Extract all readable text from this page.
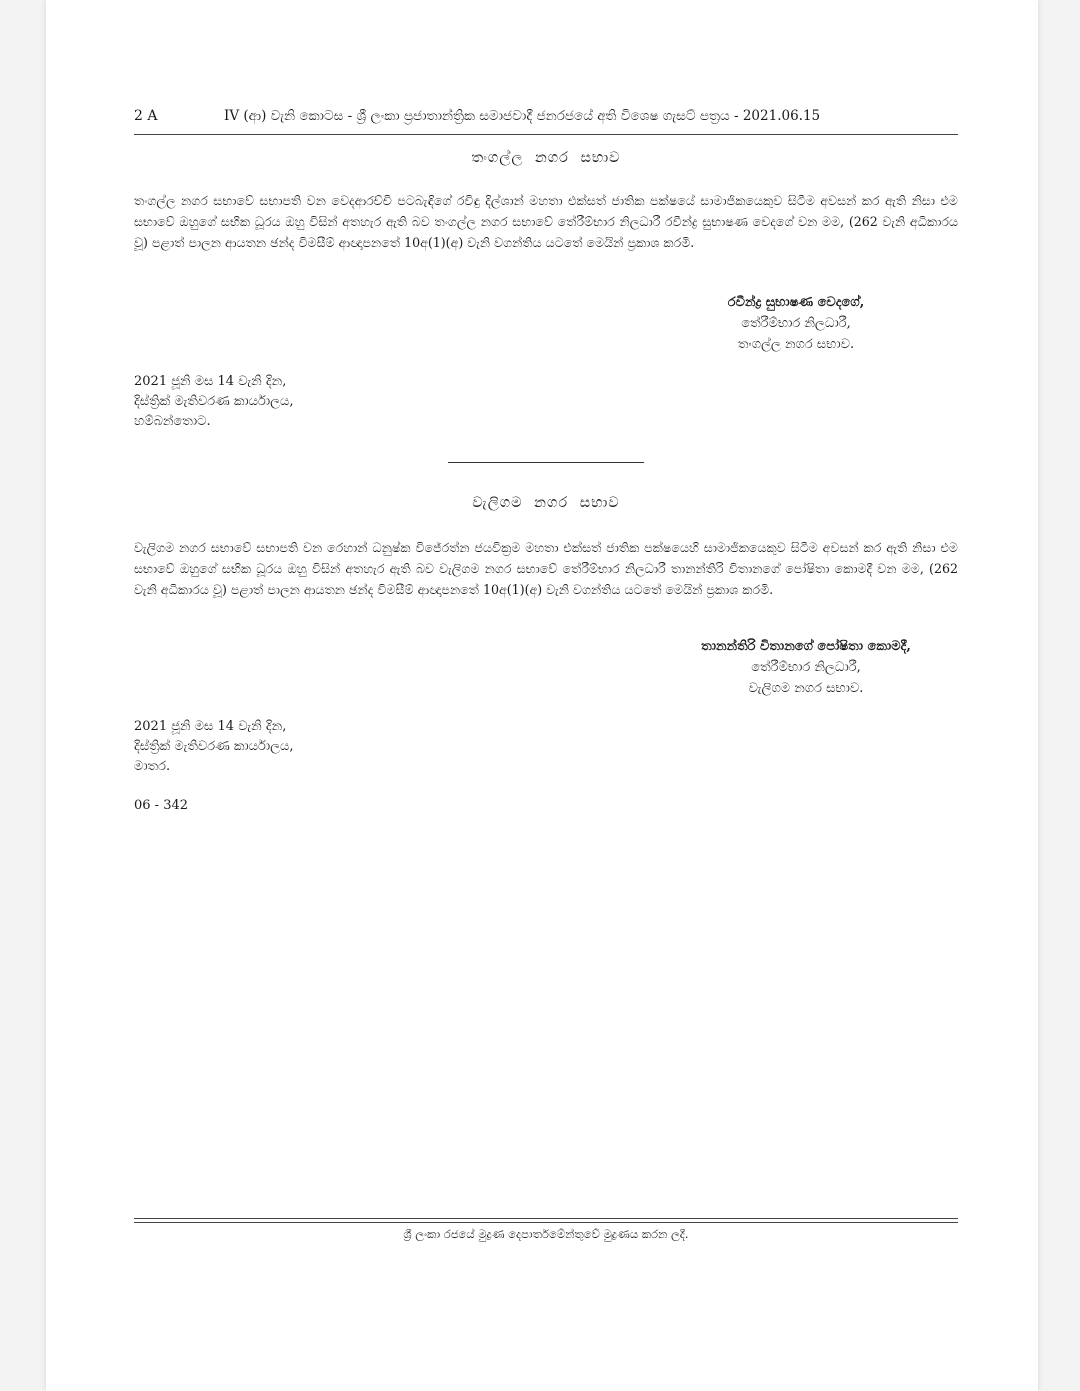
2 A	IV (ආ) වැනි කොටස - ශ්‍රී ලංකා ප්‍රජාතාන්ත්‍රික සමාජවාදී ජනරජයේ අති විශෙෂ ගැසට් පත්‍රය - 2021.06.15
තංගල්ල නගර සභාව
තංගල්ල නගර සභාවේ සභාපති වන වෙදආරච්චි පටබැඳිගේ රවිඳු දිල්ශාන් මහතා එක්සත් ජාතික පක්ෂයේ සාමාජිකයෙකුව සිටීම අවසන් කර ඇති නිසා එම සභාවේ ඔහුගේ සභික ධූරය ඔහු විසින් අතහැර ඇති බව තංගල්ල නගර සභාවේ තේරීම්භාර නිලධාරී රවීන්ද්‍ර සුභාෂණ වෙදගේ වන මම, (262 වැනි අධිකාරය වූ) පළාත් පාලන ආයතන ඡන්ද විමසීම් ආඥාපනතේ 10අ(1)(අ) වැනි වගන්තිය යටතේ මෙයින් ප්‍රකාශ කරමි.
රවීන්ද්‍ර සුභාෂණ වෙදගේ,
තේරීම්භාර නිලධාරී,
තංගල්ල නගර සභාව.
2021 ජූනි මස 14 වැනි දින,
දිස්ත්‍රික් මැතිවරණ කාර්යාලය,
හම්බන්තොට.
වැලිගම නගර සභාව
වැලිගම නගර සභාවේ සභාපති වන රෙහාන් ධනුෂ්ක විජේරත්න ජයවික්‍රම මහතා එක්සත් ජාතික පක්ෂයෙහි සාමාජිකයෙකුව සිටීම අවසන් කර ඇති නිසා එම සභාවේ ඔහුගේ සභික ධූරය ඔහු විසින් අතහැර ඇති බව වැලිගම නගර සභාවේ තේරීම්භාර නිලධාරී තානන්තිරි විතානගේ පෝෂිතා කොමදී වන මම, (262 වැනි අධිකාරය වූ) පළාත් පාලන ආයතන ඡන්ද විමසීම් ආඥාපනතේ 10අ(1)(අ) වැනි වගන්තිය යටතේ මෙයින් ප්‍රකාශ කරමි.
තානන්තිරි විතානගේ පෝෂිතා කොමදී,
තේරීම්භාර නිලධාරී,
වැලිගම නගර සභාව.
2021 ජූනි මස 14 වැනි දින,
දිස්ත්‍රික් මැතිවරණ කාර්යාලය,
මාතර.
06 - 342
ශ්‍රී ලංකා රජයේ මුද්‍රණ දෙපාර්තමේන්තුවේ මුද්‍රණය කරන ලදී.
